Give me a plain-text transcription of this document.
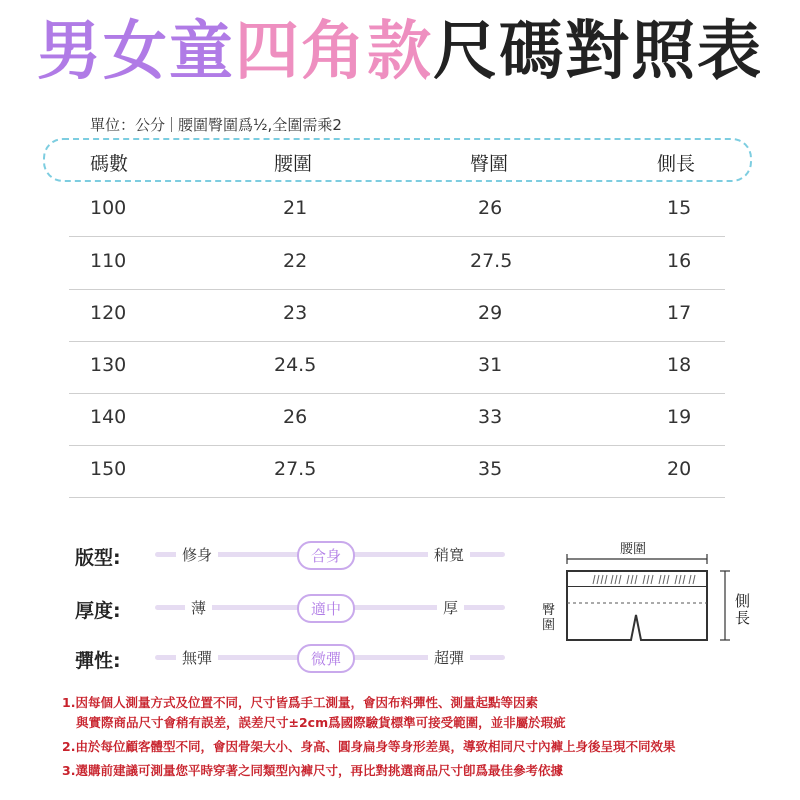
男女童四角款尺碼對照表
單位：公分 腰圍臀圍爲½,全圍需乘2
碼數	腰圍	臀圍	側長
100	21	26	15
110	22	27.5	16
120	23	29	17
130	24.5	31	18
140	26	33	19
150	27.5	35	20
版型:	修身	合身	稍寬
厚度:	薄	適中	厚
彈性:	無彈	微彈	超彈
腰圍
臀圍
側長
1.因每個人測量方式及位置不同，尺寸皆爲手工測量，會因布料彈性、測量起點等因素
與實際商品尺寸會稍有誤差，誤差尺寸±2cm爲國際驗貨標準可接受範圍，並非屬於瑕疵
2.由於每位顧客體型不同，會因骨架大小、身高、圓身扁身等身形差異，導致相同尺寸內褲上身後呈現不同效果
3.選購前建議可測量您平時穿著之同類型內褲尺寸，再比對挑選商品尺寸卽爲最佳參考依據
